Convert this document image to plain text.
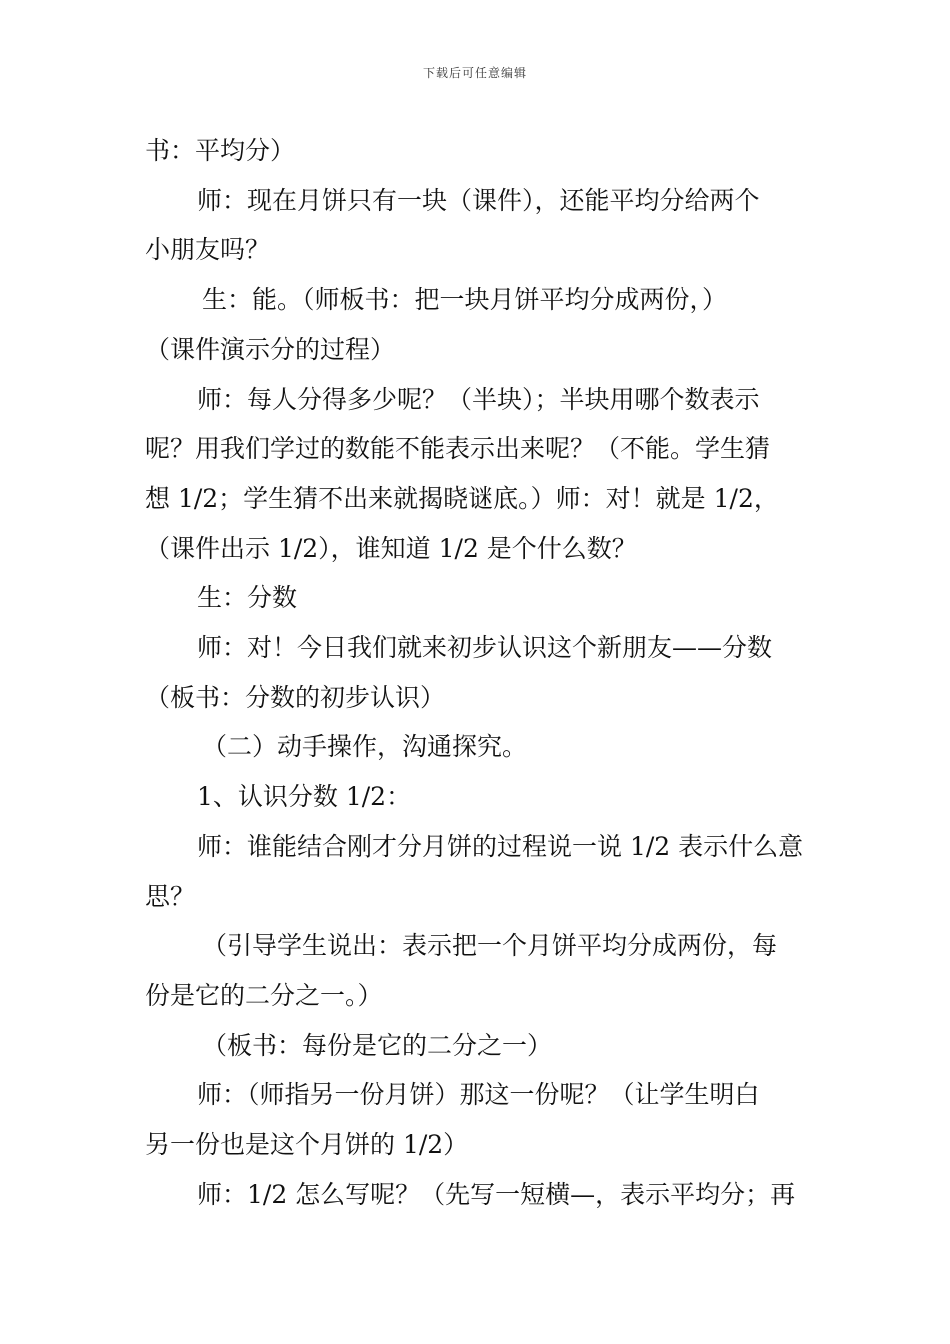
下载后可任意编辑

书：平均分）

师：现在月饼只有一块（课件），还能平均分给两个

小朋友吗？

生：能。（师板书：把一块月饼平均分成两份，）

（课件演示分的过程）

师：每人分得多少呢？（半块）；半块用哪个数表示

呢？用我们学过的数能不能表示出来呢？（不能。学生猜

想 1/2；学生猜不出来就揭晓谜底。）师：对！就是 1/2，

（课件出示 1/2），谁知道 1/2 是个什么数？

生：分数

师：对！今日我们就来初步认识这个新朋友——分数

（板书：分数的初步认识）

（二）动手操作，沟通探究。

1、认识分数 1/2：

师：谁能结合刚才分月饼的过程说一说 1/2 表示什么意

思？

（引导学生说出：表示把一个月饼平均分成两份，每

份是它的二分之一。）

（板书：每份是它的二分之一）

师：（师指另一份月饼）那这一份呢？（让学生明白

另一份也是这个月饼的 1/2）

师：1/2 怎么写呢？（先写一短横—，表示平均分；再
